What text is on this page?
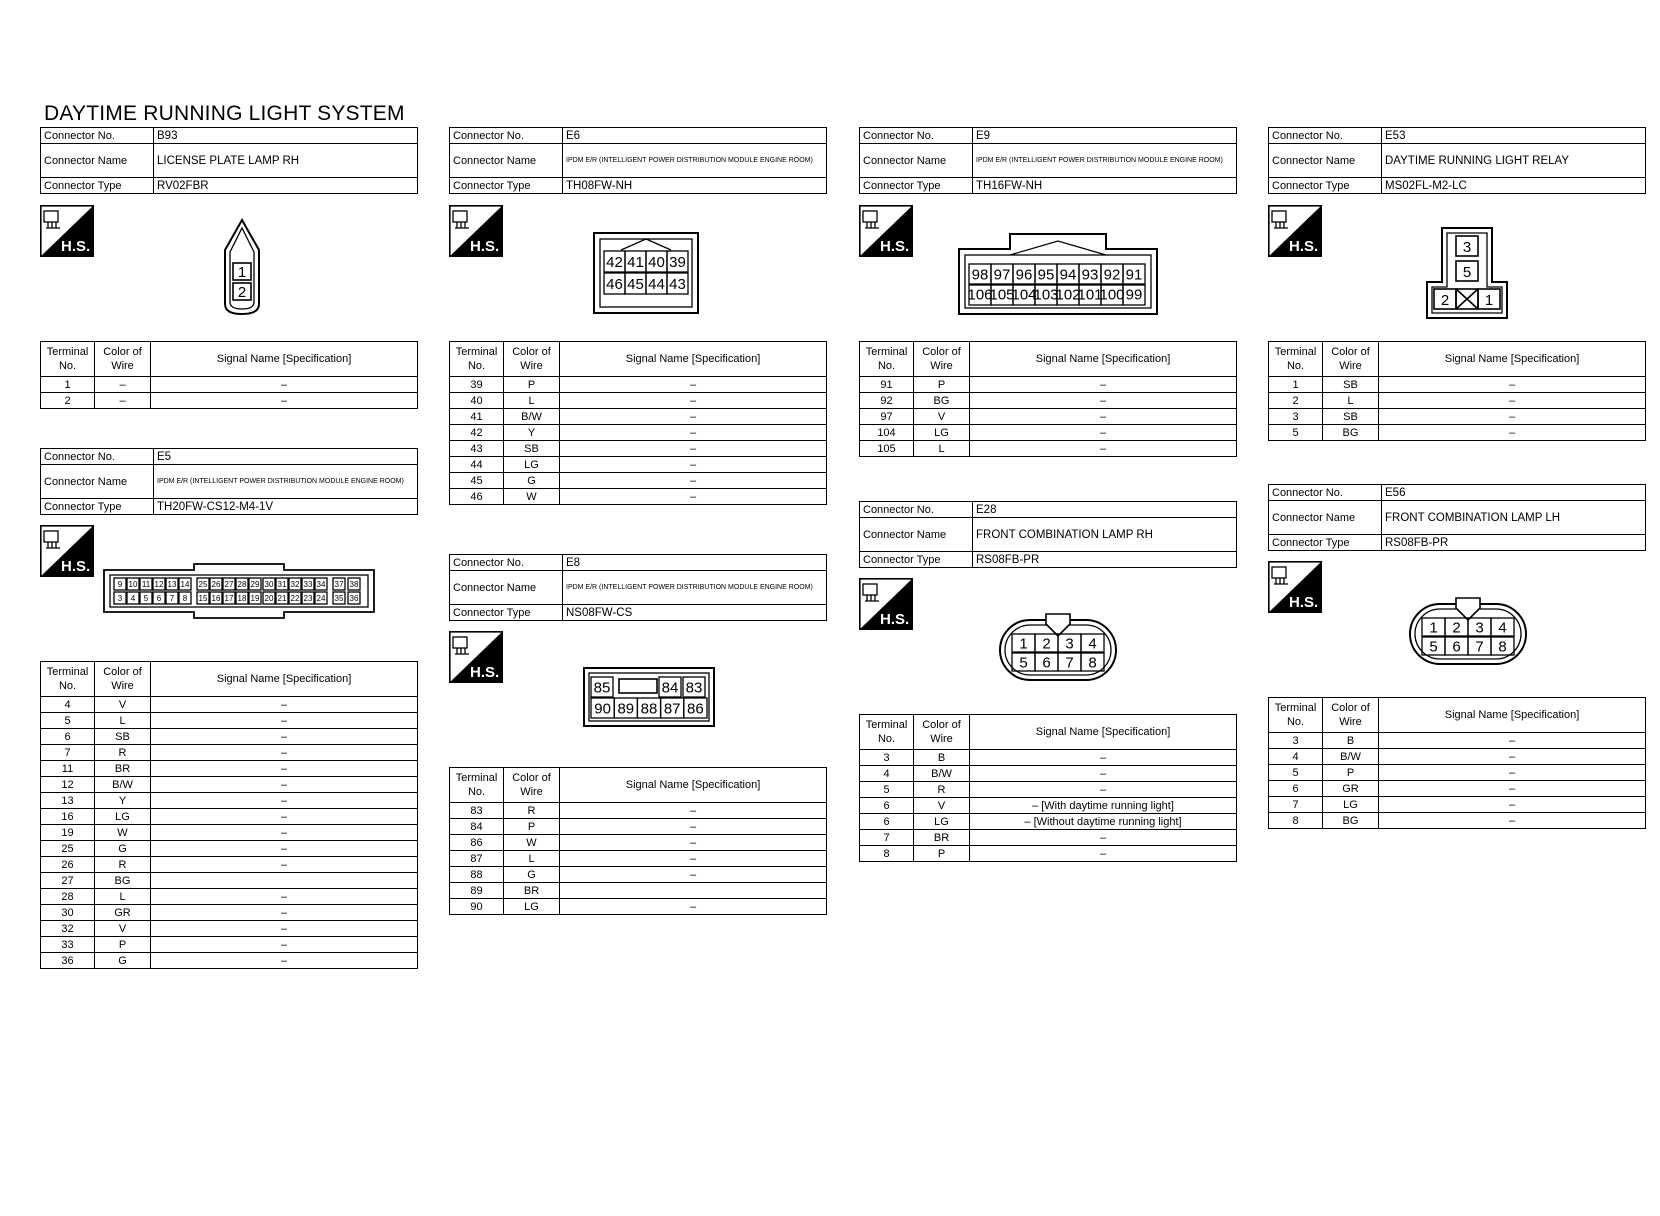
DAYTIME RUNNING LIGHT SYSTEM
Connector No.	B93
Connector Name	LICENSE PLATE LAMP RH
Connector Type	RV02FBR
H.S.
1
2
Terminal No.	Color of Wire	Signal Name [Specification]
1	–	–
2	–	–
Connector No.	E5
Connector Name	IPDM E/R (INTELLIGENT POWER DISTRIBUTION MODULE ENGINE ROOM)
Connector Type	TH20FW-CS12-M4-1V
H.S.
9 10 11 12 13 14 25 26 27 28 29 30 31 32 33 34 37 38
3 4 5 6 7 8 15 16 17 18 19 20 21 22 23 24 35 36
Terminal No.	Color of Wire	Signal Name [Specification]
4	V	–
5	L	–
6	SB	–
7	R	–
11	BR	–
12	B/W	–
13	Y	–
16	LG	–
19	W	–
25	G	–
26	R	–
27	BG	
28	L	–
30	GR	–
32	V	–
33	P	–
36	G	–
Connector No.	E6
Connector Name	IPDM E/R (INTELLIGENT POWER DISTRIBUTION MODULE ENGINE ROOM)
Connector Type	TH08FW-NH
H.S.
42 41 40 39
46 45 44 43
Terminal No.	Color of Wire	Signal Name [Specification]
39	P	–
40	L	–
41	B/W	–
42	Y	–
43	SB	–
44	LG	–
45	G	–
46	W	–
Connector No.	E8
Connector Name	IPDM E/R (INTELLIGENT POWER DISTRIBUTION MODULE ENGINE ROOM)
Connector Type	NS08FW-CS
H.S.
85	84 83
90 89 88 87 86
Terminal No.	Color of Wire	Signal Name [Specification]
83	R	–
84	P	–
86	W	–
87	L	–
88	G	–
89	BR	
90	LG	–
Connector No.	E9
Connector Name	IPDM E/R (INTELLIGENT POWER DISTRIBUTION MODULE ENGINE ROOM)
Connector Type	TH16FW-NH
H.S.
98 97 96 95 94 93 92 91
106
105
104
103
102
101
100 99
Terminal No.	Color of Wire	Signal Name [Specification]
91	P	–
92	BG	–
97	V	–
104	LG	–
105	L	–
Connector No.	E28
Connector Name	FRONT COMBINATION LAMP RH
Connector Type	RS08FB-PR
H.S.
1 2 3 4
5 6 7 8
Terminal No.	Color of Wire	Signal Name [Specification]
3	B	–
4	B/W	–
5	R	–
6	V	– [With daytime running light]
6	LG	– [Without daytime running light]
7	BR	–
8	P	–
Connector No.	E53
Connector Name	DAYTIME RUNNING LIGHT RELAY
Connector Type	MS02FL-M2-LC
H.S.	3
5
2 1
Terminal No.	Color of Wire	Signal Name [Specification]
1	SB	–
2	L	–
3	SB	–
5	BG	–
Connector No.	E56
Connector Name	FRONT COMBINATION LAMP LH
Connector Type	RS08FB-PR
H.S.
1 2 3 4
5 6 7 8
Terminal No.	Color of Wire	Signal Name [Specification]
3	B	–
4	B/W	–
5	P	–
6	GR	–
7	LG	–
8	BG	–
